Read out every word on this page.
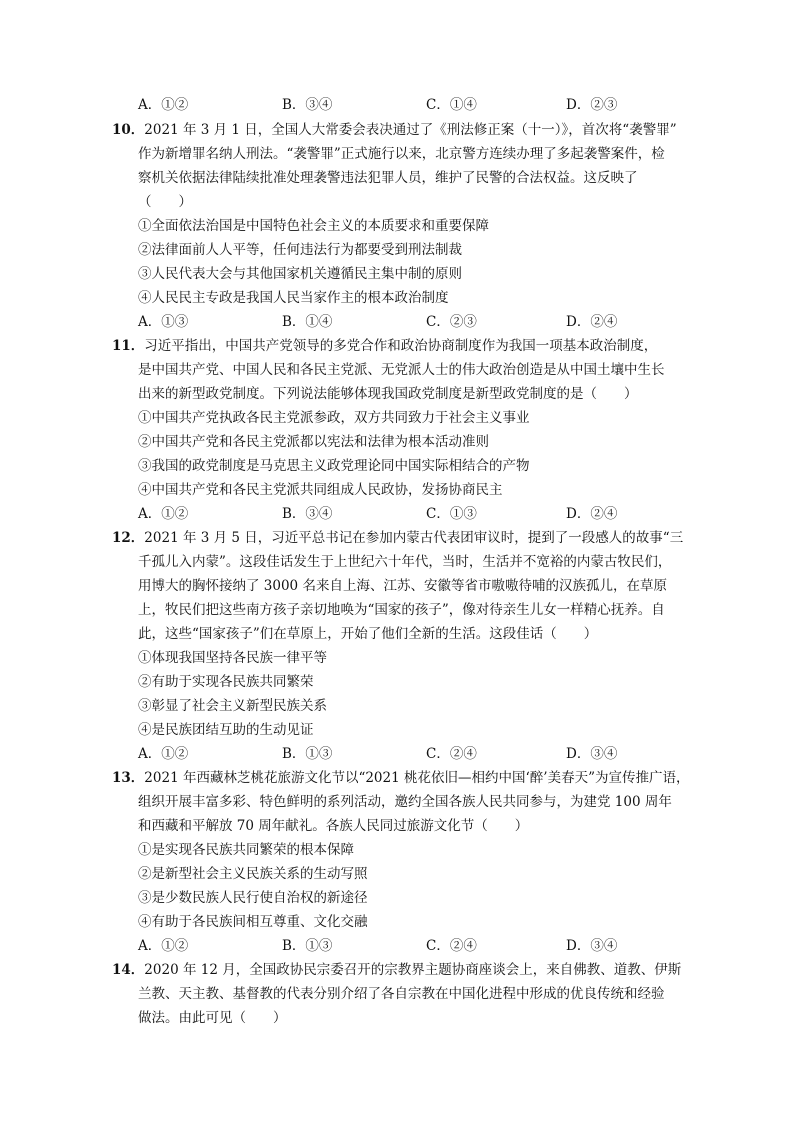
A．①②	B．③④	C．①④	D．②③
10．2021 年 3 月 1 日，全国人大常委会表决通过了《刑法修正案（十一）》，首次将“袭警罪”
作为新增罪名纳人刑法。“袭警罪”正式施行以来，北京警方连续办理了多起袭警案件，检
察机关依据法律陆续批准处理袭警违法犯罪人员，维护了民警的合法权益。这反映了
（　　）
①全面依法治国是中国特色社会主义的本质要求和重要保障
②法律面前人人平等，任何违法行为都要受到刑法制裁
③人民代表大会与其他国家机关遵循民主集中制的原则
④人民民主专政是我国人民当家作主的根本政治制度
A．①③	B．①④	C．②③	D．②④
11．习近平指出，中国共产党领导的多党合作和政治协商制度作为我国一项基本政治制度，
是中国共产党、中国人民和各民主党派、无党派人士的伟大政治创造是从中国土壤中生长
出来的新型政党制度。下列说法能够体现我国政党制度是新型政党制度的是（　　）
①中国共产党执政各民主党派参政，双方共同致力于社会主义事业
②中国共产党和各民主党派都以宪法和法律为根本活动准则
③我国的政党制度是马克思主义政党理论同中国实际相结合的产物
④中国共产党和各民主党派共同组成人民政协，发扬协商民主
A．①②	B．③④	C．①③	D．②④
12．2021 年 3 月 5 日，习近平总书记在参加内蒙古代表团审议时，提到了一段感人的故事“三
千孤儿入内蒙”。这段佳话发生于上世纪六十年代，当时，生活并不宽裕的内蒙古牧民们，
用博大的胸怀接纳了 3000 名来自上海、江苏、安徽等省市嗷嗷待哺的汉族孤儿，在草原
上，牧民们把这些南方孩子亲切地唤为“国家的孩子”，像对待亲生儿女一样精心抚养。自
此，这些“国家孩子”们在草原上，开始了他们全新的生活。这段佳话（　　）
①体现我国坚持各民族一律平等
②有助于实现各民族共同繁荣
③彰显了社会主义新型民族关系
④是民族团结互助的生动见证
A．①②	B．①③	C．②④	D．③④
13．2021 年西藏林芝桃花旅游文化节以“2021 桃花依旧—相约中国‘醉’美春天”为宣传推广语，
组织开展丰富多彩、特色鲜明的系列活动，邀约全国各族人民共同参与，为建党 100 周年
和西藏和平解放 70 周年献礼。各族人民同过旅游文化节（　　）
①是实现各民族共同繁荣的根本保障
②是新型社会主义民族关系的生动写照
③是少数民族人民行使自治权的新途径
④有助于各民族间相互尊重、文化交融
A．①②	B．①③	C．②④	D．③④
14．2020 年 12 月，全国政协民宗委召开的宗教界主题协商座谈会上，来自佛教、道教、伊斯
兰教、天主教、基督教的代表分别介绍了各自宗教在中国化进程中形成的优良传统和经验
做法。由此可见（　　）
